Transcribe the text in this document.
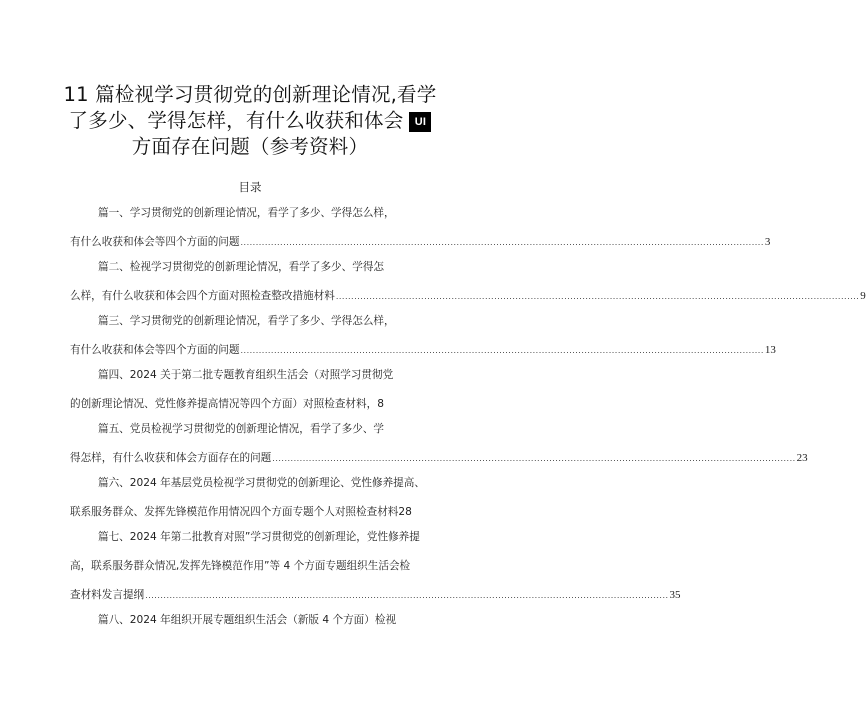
11 篇检视学习贯彻党的创新理论情况,看学
了多少、学得怎样，有什么收获和体会 UI
方面存在问题（参考资料）
目录
篇一、学习贯彻党的创新理论情况，看学了多少、学得怎么样，
有什么收获和体会等四个方面的问题 ............................................................................................................................................................................ 3
篇二、检视学习贯彻党的创新理论情况，看学了多少、学得怎
么样，有什么收获和体会四个方面对照检查整改措施材料 ............................................................................................................................................................................ 9
篇三、学习贯彻党的创新理论情况，看学了多少、学得怎么样，
有什么收获和体会等四个方面的问题 ............................................................................................................................................................................ 13
篇四、2024 关于第二批专题教育组织生活会（对照学习贯彻党
的创新理论情况、党性修养提高情况等四个方面）对照检查材料，8
篇五、党员检视学习贯彻党的创新理论情况，看学了多少、学
得怎样，有什么收获和体会方面存在的问题 ............................................................................................................................................................................ 23
篇六、2024 年基层党员检视学习贯彻党的创新理论、党性修养提高、
联系服务群众、发挥先锋模范作用情况四个方面专题个人对照检查材料28
篇七、2024 年第二批教育对照”学习贯彻党的创新理论，党性修养提
高，联系服务群众情况,发挥先锋模范作用”等 4 个方面专题组织生活会检
查材料发言提纲 ............................................................................................................................................................................ 35
篇八、2024 年组织开展专题组织生活会（新版 4 个方面）检视
